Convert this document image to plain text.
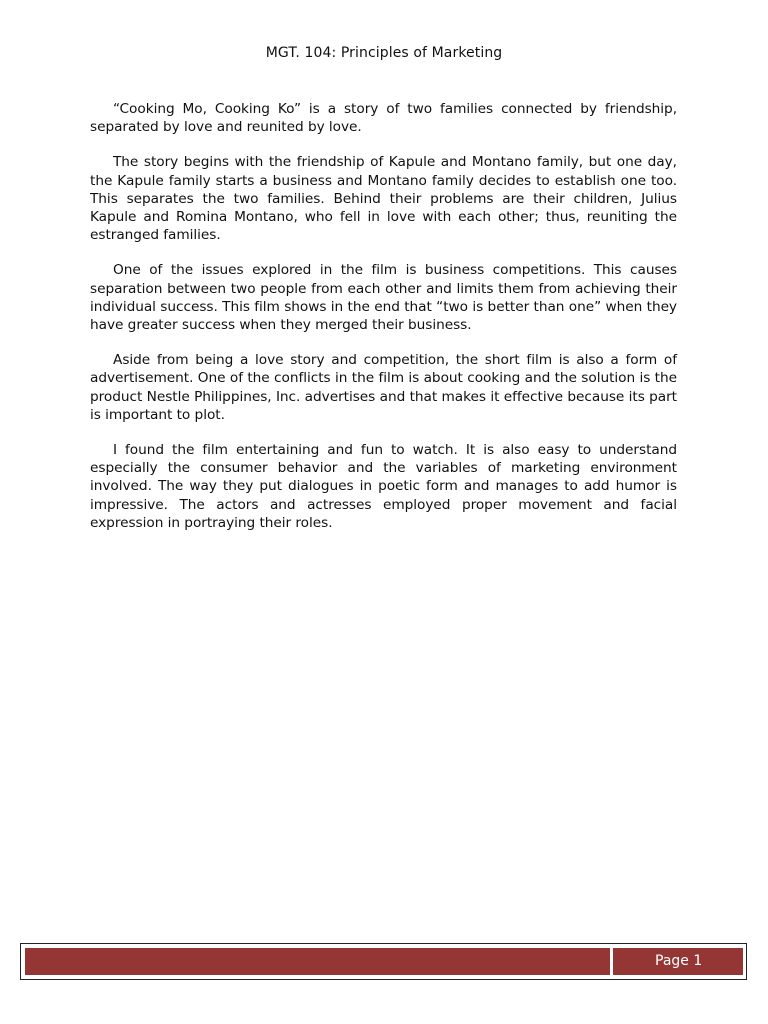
MGT. 104: Principles of Marketing

“Cooking Mo, Cooking Ko” is a story of two families connected by friendship, separated by love and reunited by love.

The story begins with the friendship of Kapule and Montano family, but one day, the Kapule family starts a business and Montano family decides to establish one too. This separates the two families. Behind their problems are their children, Julius Kapule and Romina Montano, who fell in love with each other; thus, reuniting the estranged families.

One of the issues explored in the film is business competitions. This causes separation between two people from each other and limits them from achieving their individual success. This film shows in the end that “two is better than one” when they have greater success when they merged their business.

Aside from being a love story and competition, the short film is also a form of advertisement. One of the conflicts in the film is about cooking and the solution is the product Nestle Philippines, Inc. advertises and that makes it effective because its part is important to plot.

I found the film entertaining and fun to watch. It is also easy to understand especially the consumer behavior and the variables of marketing environment involved. The way they put dialogues in poetic form and manages to add humor is impressive. The actors and actresses employed proper movement and facial expression in portraying their roles.

Page 1
